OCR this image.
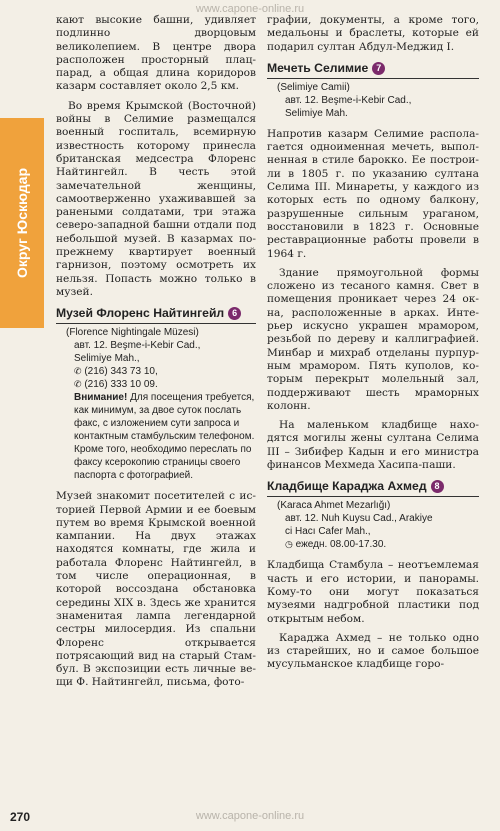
www.capone-online.ru
Округ Юскюдар

кают высокие башни, удивляет подлинно дворцовым великолепием. В центре двора расположен просторный плац-парад, а общая длина коридоров казарм составляет около 2,5 км.

Во время Крымской (Восточной) войны в Селимие размещался военный госпиталь, всемирную известность которому принесла британская медсестра Флоренс Найтингейл. В честь этой замечательной женщины, самоотверженно ухаживавшей за ранеными солдатами, три этажа северо-западной башни отдали под небольшой музей. В казармах попрежнему квартирует военный гарнизон, поэтому осмотреть их нельзя. Попасть можно только в музей.

Музей Флоренс Найтингейл 6
(Florence Nightingale Müzesi)
авт. 12. Beşme-i-Kebir Cad.,
Selimiye Mah.,
✆ (216) 343 73 10,
✆ (216) 333 10 09.
Внимание! Для посещения требуется, как минимум, за двое суток послать факс, с изложением сути запроса и контактным стамбульским телефоном. Кроме того, необходимо переслать по факсу ксерокопию страницы своего паспорта с фотографией.

Музей знакомит посетителей с историей Первой Армии и ее боевым путем во время Крымской военной кампании. На двух этажах находятся комнаты, где жила и работала Флоренс Найтингейл, в том числе операционная, в которой воссоздана обстановка середины XIX в. Здесь же хранится знаменитая лампа легендарной сестры милосердия. Из спальни Флоренс открывается потрясающий вид на старый Стамбул. В экспозиции есть личные вещи Ф. Найтингейл, письма, фото-

графии, документы, а кроме того, медальоны и браслеты, которые ей подарил султан Абдул-Меджид I.

Мечеть Селимие 7
(Selimiye Camii)
авт. 12. Beşme-i-Kebir Cad.,
Selimiye Mah.

Напротив казарм Селимие располагается одноименная мечеть, выполненная в стиле барокко. Ее построили в 1805 г. по указанию султана Селима III. Минареты, у каждого из которых есть по одному балкону, разрушенные сильным ураганом, восстановили в 1823 г. Основные реставрационные работы провели в 1964 г.

Здание прямоугольной формы сложено из тесаного камня. Свет в помещения проникает через 24 окна, расположенные в арках. Интерьер искусно украшен мрамором, резьбой по дереву и каллиграфией. Минбар и михраб отделаны пурпурным мрамором. Пять куполов, которым перекрыт молельный зал, поддерживают шесть мраморных колонн.

На маленьком кладбище находятся могилы жены султана Селима III – Зибифер Кадын и его министра финансов Мехмеда Хасипа-паши.

Кладбище Караджа Ахмед 8
(Karaca Ahmet Mezarlığı)
авт. 12. Nuh Kuysu Cad., Arakiye
ci Hacı Cafer Mah.,
◷ ежедн. 08.00-17.30.

Кладбища Стамбула – неотъемлемая часть и его истории, и панорамы. Кому-то они могут показаться музеями надгробной пластики под открытым небом.

Караджа Ахмед – не только одно из старейших, но и самое большое мусульманское кладбище горо-

270	www.capone-online.ru
